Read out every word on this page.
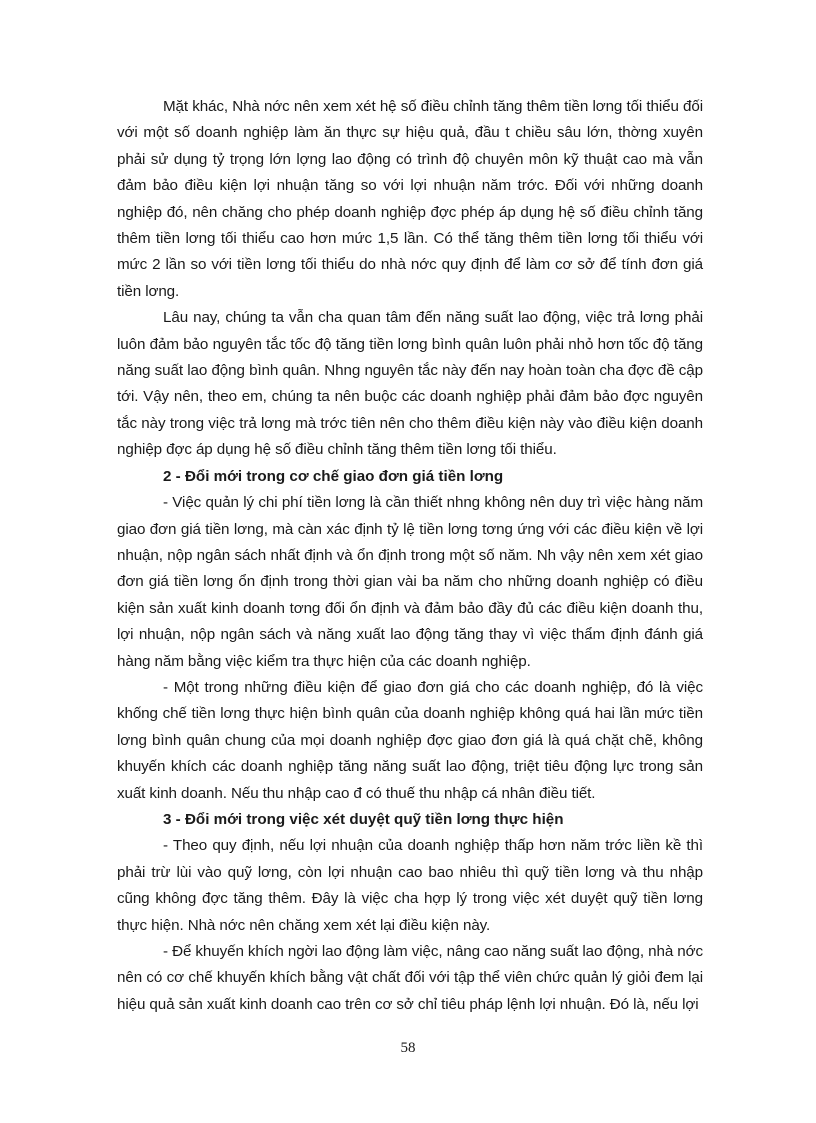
Mặt khác, Nhà nớc nên xem xét hệ số điều chỉnh tăng thêm tiền lơng tối thiểu đối với một số doanh nghiệp làm ăn thực sự hiệu quả, đầu t chiều sâu lớn, thờng xuyên phải sử dụng tỷ trọng lớn lợng lao động có trình độ chuyên môn kỹ thuật cao mà vẫn đảm bảo điều kiện lợi nhuận tăng so với lợi nhuận năm trớc. Đối với những doanh nghiệp đó, nên chăng cho phép doanh nghiệp đợc phép áp dụng hệ số điều chỉnh tăng thêm tiền lơng tối thiểu cao hơn mức 1,5 lần. Có thể tăng thêm tiền lơng tối thiểu với mức 2 lần so với tiền lơng tối thiểu do nhà nớc quy định để làm cơ sở để tính đơn giá tiền lơng.

Lâu nay, chúng ta vẫn cha quan tâm đến năng suất lao động, việc trả lơng phải luôn đảm bảo nguyên tắc tốc độ tăng tiền lơng bình quân luôn phải nhỏ hơn tốc độ tăng năng suất lao động bình quân. Nhng nguyên tắc này đến nay hoàn toàn cha đợc đề cập tới. Vậy nên, theo em, chúng ta nên buộc các doanh nghiệp phải đảm bảo đợc nguyên tắc này trong việc trả lơng mà trớc tiên nên cho thêm điều kiện này vào điều kiện doanh nghiệp đợc áp dụng hệ số điều chỉnh tăng thêm tiền lơng tối thiểu.

2 - Đổi mới trong cơ chế giao đơn giá tiền lơng

- Việc quản lý chi phí tiền lơng là cần thiết nhng không nên duy trì việc hàng năm giao đơn giá tiền lơng, mà càn xác định tỷ lệ tiền lơng tơng ứng với các điều kiện về lợi nhuận, nộp ngân sách nhất định và ổn định trong một số năm. Nh vậy nên xem xét giao đơn giá tiền lơng ổn định trong thời gian vài ba năm cho những doanh nghiệp có điều kiện sản xuất kinh doanh tơng đối ổn định và đảm bảo đầy đủ các điều kiện doanh thu, lợi nhuận, nộp ngân sách và năng xuất lao động tăng thay vì việc thẩm định đánh giá hàng năm bằng việc kiểm tra thực hiện của các doanh nghiệp.

- Một trong những điều kiện để giao đơn giá cho các doanh nghiệp, đó là việc khống chế tiền lơng thực hiện bình quân của doanh nghiệp không quá hai lần mức tiền lơng bình quân chung của mọi doanh nghiệp đợc giao đơn giá là quá chặt chẽ, không khuyến khích các doanh nghiệp tăng năng suất lao động, triệt tiêu động lực trong sản xuất kinh doanh. Nếu thu nhập cao đ có thuế thu nhập cá nhân điều tiết.

3 - Đổi mới trong việc xét duyệt quỹ tiền lơng thực hiện

- Theo quy định, nếu lợi nhuận của doanh nghiệp thấp hơn năm trớc liền kề thì phải trừ lùi vào quỹ lơng, còn lợi nhuận cao bao nhiêu thì quỹ tiền lơng và thu nhập cũng không đợc tăng thêm. Đây là việc cha hợp lý trong việc xét duyệt quỹ tiền lơng thực hiện. Nhà nớc nên chăng xem xét lại điều kiện này.

- Để khuyến khích ngời lao động làm việc, nâng cao năng suất lao động, nhà nớc nên có cơ chế khuyến khích bằng vật chất đối với tập thể viên chức quản lý giỏi đem lại hiệu quả sản xuất kinh doanh cao trên cơ sở chỉ tiêu pháp lệnh lợi nhuận. Đó là, nếu lợi

58
